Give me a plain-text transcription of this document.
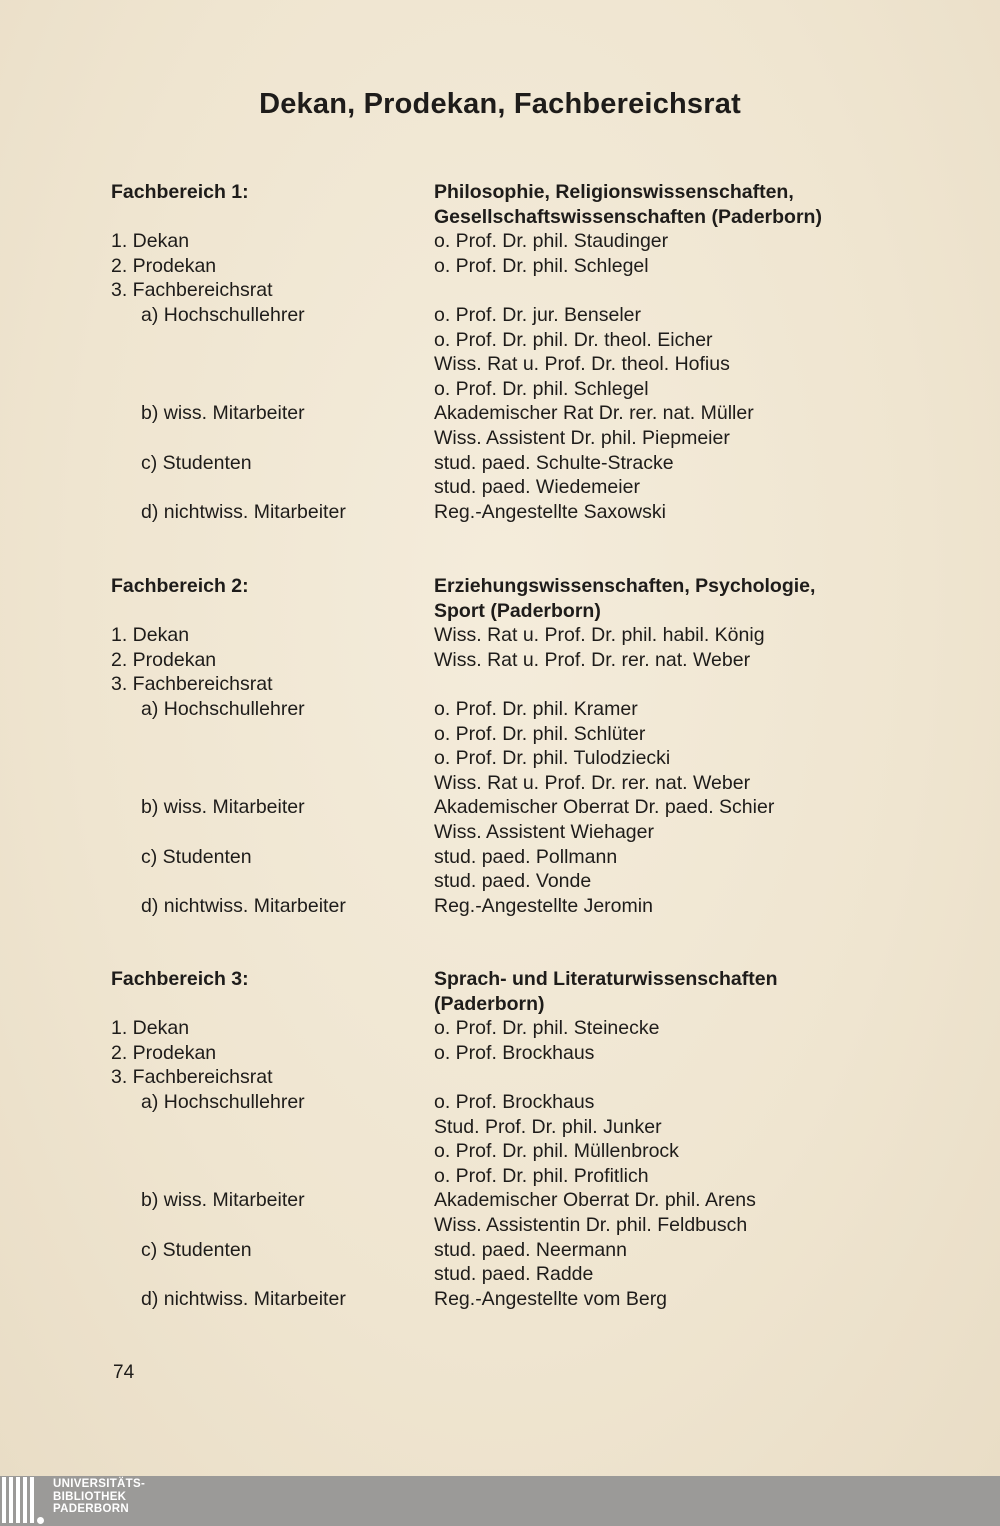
Dekan, Prodekan, Fachbereichsrat
Fachbereich 1:	Philosophie, Religionswissenschaften,
Gesellschaftswissenschaften (Paderborn)
1. Dekan	o. Prof. Dr. phil. Staudinger
2. Prodekan	o. Prof. Dr. phil. Schlegel
3. Fachbereichsrat
a) Hochschullehrer	o. Prof. Dr. jur. Benseler
o. Prof. Dr. phil. Dr. theol. Eicher
Wiss. Rat u. Prof. Dr. theol. Hofius
o. Prof. Dr. phil. Schlegel
b) wiss. Mitarbeiter	Akademischer Rat Dr. rer. nat. Müller
Wiss. Assistent Dr. phil. Piepmeier
c) Studenten	stud. paed. Schulte-Stracke
stud. paed. Wiedemeier
d) nichtwiss. Mitarbeiter	Reg.-Angestellte Saxowski
Fachbereich 2:	Erziehungswissenschaften, Psychologie,
Sport (Paderborn)
1. Dekan	Wiss. Rat u. Prof. Dr. phil. habil. König
2. Prodekan	Wiss. Rat u. Prof. Dr. rer. nat. Weber
3. Fachbereichsrat
a) Hochschullehrer	o. Prof. Dr. phil. Kramer
o. Prof. Dr. phil. Schlüter
o. Prof. Dr. phil. Tulodziecki
Wiss. Rat u. Prof. Dr. rer. nat. Weber
b) wiss. Mitarbeiter	Akademischer Oberrat Dr. paed. Schier
Wiss. Assistent Wiehager
c) Studenten	stud. paed. Pollmann
stud. paed. Vonde
d) nichtwiss. Mitarbeiter	Reg.-Angestellte Jeromin
Fachbereich 3:	Sprach- und Literaturwissenschaften
(Paderborn)
1. Dekan	o. Prof. Dr. phil. Steinecke
2. Prodekan	o. Prof. Brockhaus
3. Fachbereichsrat
a) Hochschullehrer	o. Prof. Brockhaus
Stud. Prof. Dr. phil. Junker
o. Prof. Dr. phil. Müllenbrock
o. Prof. Dr. phil. Profitlich
b) wiss. Mitarbeiter	Akademischer Oberrat Dr. phil. Arens
Wiss. Assistentin Dr. phil. Feldbusch
c) Studenten	stud. paed. Neermann
stud. paed. Radde
d) nichtwiss. Mitarbeiter	Reg.-Angestellte vom Berg
74
UNIVERSITÄTS-
BIBLIOTHEK
PADERBORN
